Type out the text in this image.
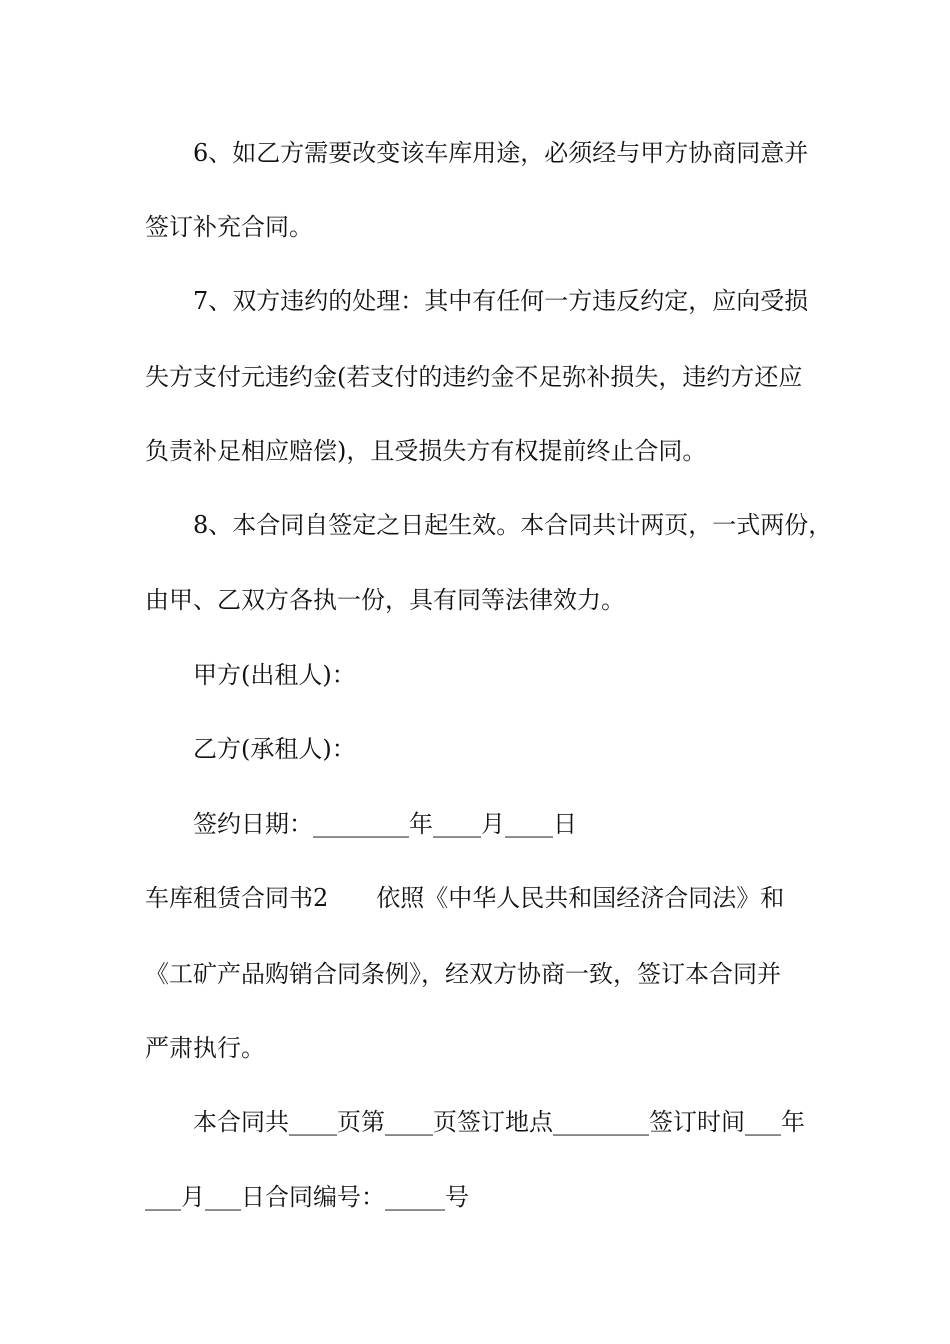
6、如乙方需要改变该车库用途，必须经与甲方协商同意并

签订补充合同。

7、双方违约的处理：其中有任何一方违反约定，应向受损

失方支付元违约金(若支付的违约金不足弥补损失，违约方还应

负责补足相应赔偿)，且受损失方有权提前终止合同。

8、本合同自签定之日起生效。本合同共计两页，一式两份，

由甲、乙双方各执一份，具有同等法律效力。

甲方(出租人)：

乙方(承租人)：

签约日期：________年____月____日

车库租赁合同书2　　依照《中华人民共和国经济合同法》和

《工矿产品购销合同条例》，经双方协商一致，签订本合同并

严肃执行。

本合同共____页第____页签订地点________签订时间___年

___月___日合同编号：_____号
